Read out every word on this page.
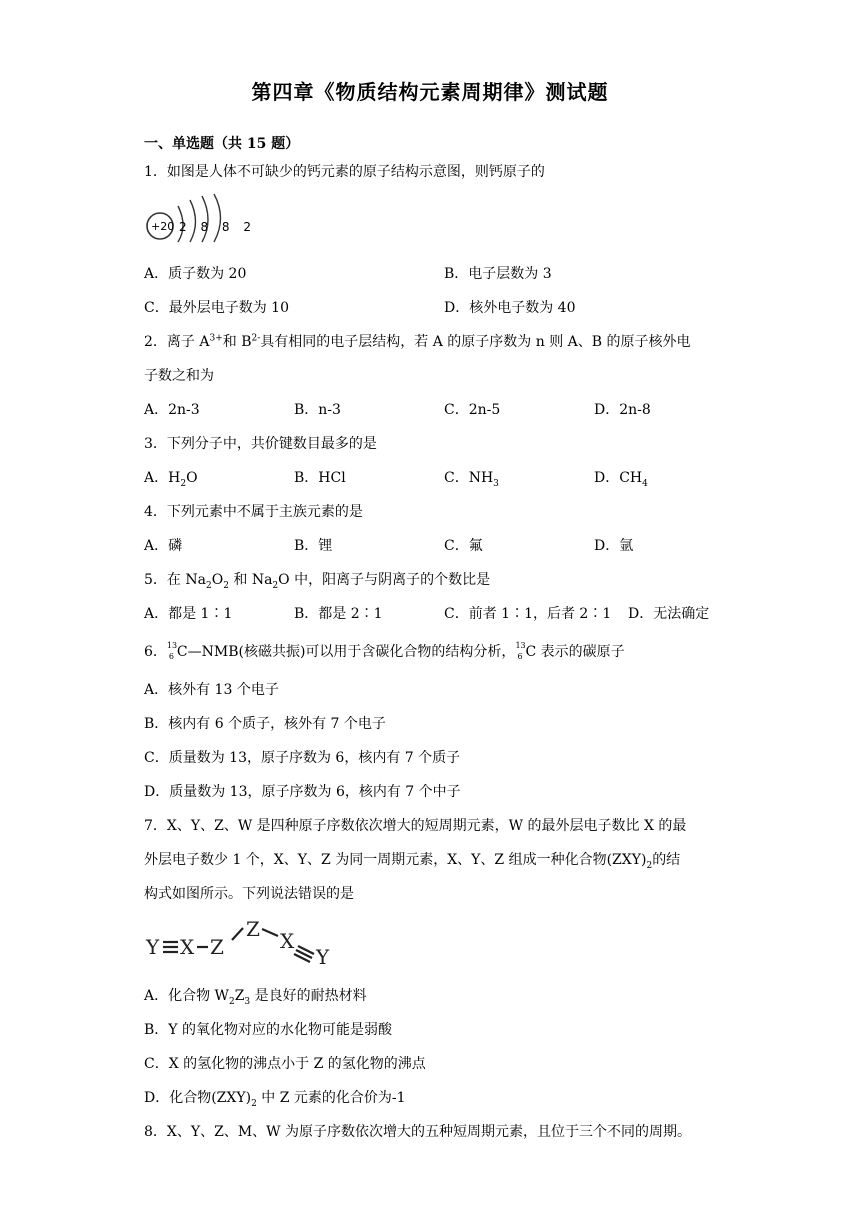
第四章《物质结构元素周期律》测试题
一、单选题（共 15 题）
1．如图是人体不可缺少的钙元素的原子结构示意图，则钙原子的
+20 2 8 8 2
A．质子数为 20	B．电子层数为 3
C．最外层电子数为 10	D．核外电子数为 40
2．离子 $A^{3+}$和 $B^{2-}$具有相同的电子层结构，若 A 的原子序数为 n 则 A、B 的原子核外电
子数之和为
A．2n-3	B．n-3	C．2n-5	D．2n-8
3．下列分子中，共价键数目最多的是
A．$H_2O$	B．HCl	C．$NH_3$	D．$CH_4$
4．下列元素中不属于主族元素的是
A．磷	B．锂	C．氟	D．氩
5．在 $Na_2O_2$ 和 $Na_2O$ 中，阳离子与阴离子的个数比是
A．都是 1∶1	B．都是 2∶1	C．前者 1∶1，后者 2∶1 D．无法确定
6． 13
6 C—NMB(核磁共振)可以用于含碳化合物的结构分析， 13
6 C 表示的碳原子
A．核外有 13 个电子
B．核内有 6 个质子，核外有 7 个电子
C．质量数为 13，原子序数为 6，核内有 7 个质子
D．质量数为 13，原子序数为 6，核内有 7 个中子
7．X、Y、Z、W 是四种原子序数依次增大的短周期元素，W 的最外层电子数比 X 的最
外层电子数少 1 个，X、Y、Z 为同一周期元素，X、Y、Z 组成一种化合物$(ZXY)_2$的结
构式如图所示。下列说法错误的是
Y X Z
Z X
Y
A．化合物 $W_2Z_3$ 是良好的耐热材料
B．Y 的氧化物对应的水化物可能是弱酸
C．X 的氢化物的沸点小于 Z 的氢化物的沸点
D．化合物$(ZXY)_2$ 中 Z 元素的化合价为-1
8．X、Y、Z、M、W 为原子序数依次增大的五种短周期元素，且位于三个不同的周期。
